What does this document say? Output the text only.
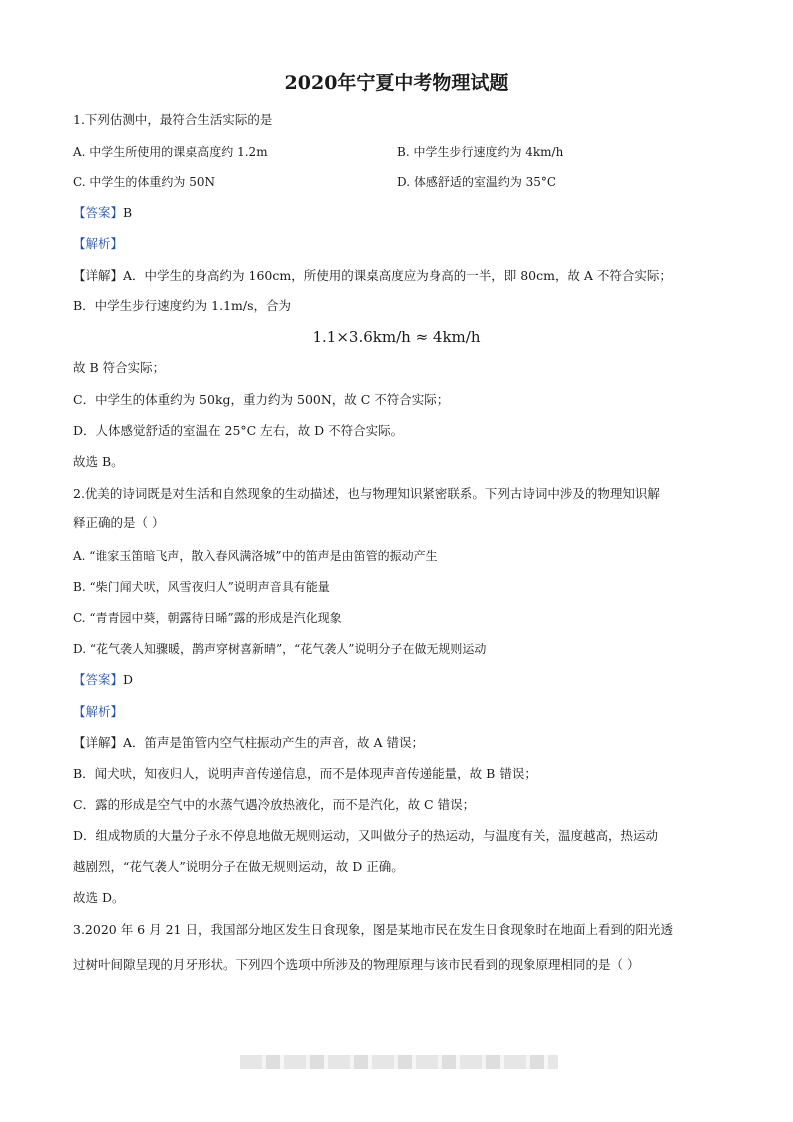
2020年宁夏中考物理试题
1.下列估测中，最符合生活实际的是
A. 中学生所使用的课桌高度约 1.2m	B. 中学生步行速度约为 4km/h
C. 中学生的体重约为 50N	D. 体感舒适的室温约为 35°C
【答案】B
【解析】
【详解】A．中学生的身高约为 160cm，所使用的课桌高度应为身高的一半，即 80cm，故 A 不符合实际；
B．中学生步行速度约为 1.1m/s，合为
1.1×3.6km/h ≈ 4km/h
故 B 符合实际；
C．中学生的体重约为 50kg，重力约为 500N，故 C 不符合实际；
D．人体感觉舒适的室温在 25°C 左右，故 D 不符合实际。
故选 B。
2.优美的诗词既是对生活和自然现象的生动描述，也与物理知识紧密联系。下列古诗词中涉及的物理知识解
释正确的是（ ）
A. “谁家玉笛暗飞声，散入春风满洛城”中的笛声是由笛管的振动产生
B. “柴门闻犬吠，风雪夜归人”说明声音具有能量
C. “青青园中葵，朝露待日晞”露的形成是汽化现象
D. “花气袭人知骤暖，鹊声穿树喜新晴”，“花气袭人”说明分子在做无规则运动
【答案】D
【解析】
【详解】A．笛声是笛管内空气柱振动产生的声音，故 A 错误；
B．闻犬吠，知夜归人，说明声音传递信息，而不是体现声音传递能量，故 B 错误；
C．露的形成是空气中的水蒸气遇冷放热液化，而不是汽化，故 C 错误；
D．组成物质的大量分子永不停息地做无规则运动，又叫做分子的热运动，与温度有关，温度越高，热运动
越剧烈，“花气袭人”说明分子在做无规则运动，故 D 正确。
故选 D。
3.2020 年 6 月 21 日，我国部分地区发生日食现象，图是某地市民在发生日食现象时在地面上看到的阳光透
过树叶间隙呈现的月牙形状。下列四个选项中所涉及的物理原理与该市民看到的现象原理相同的是（ ）
